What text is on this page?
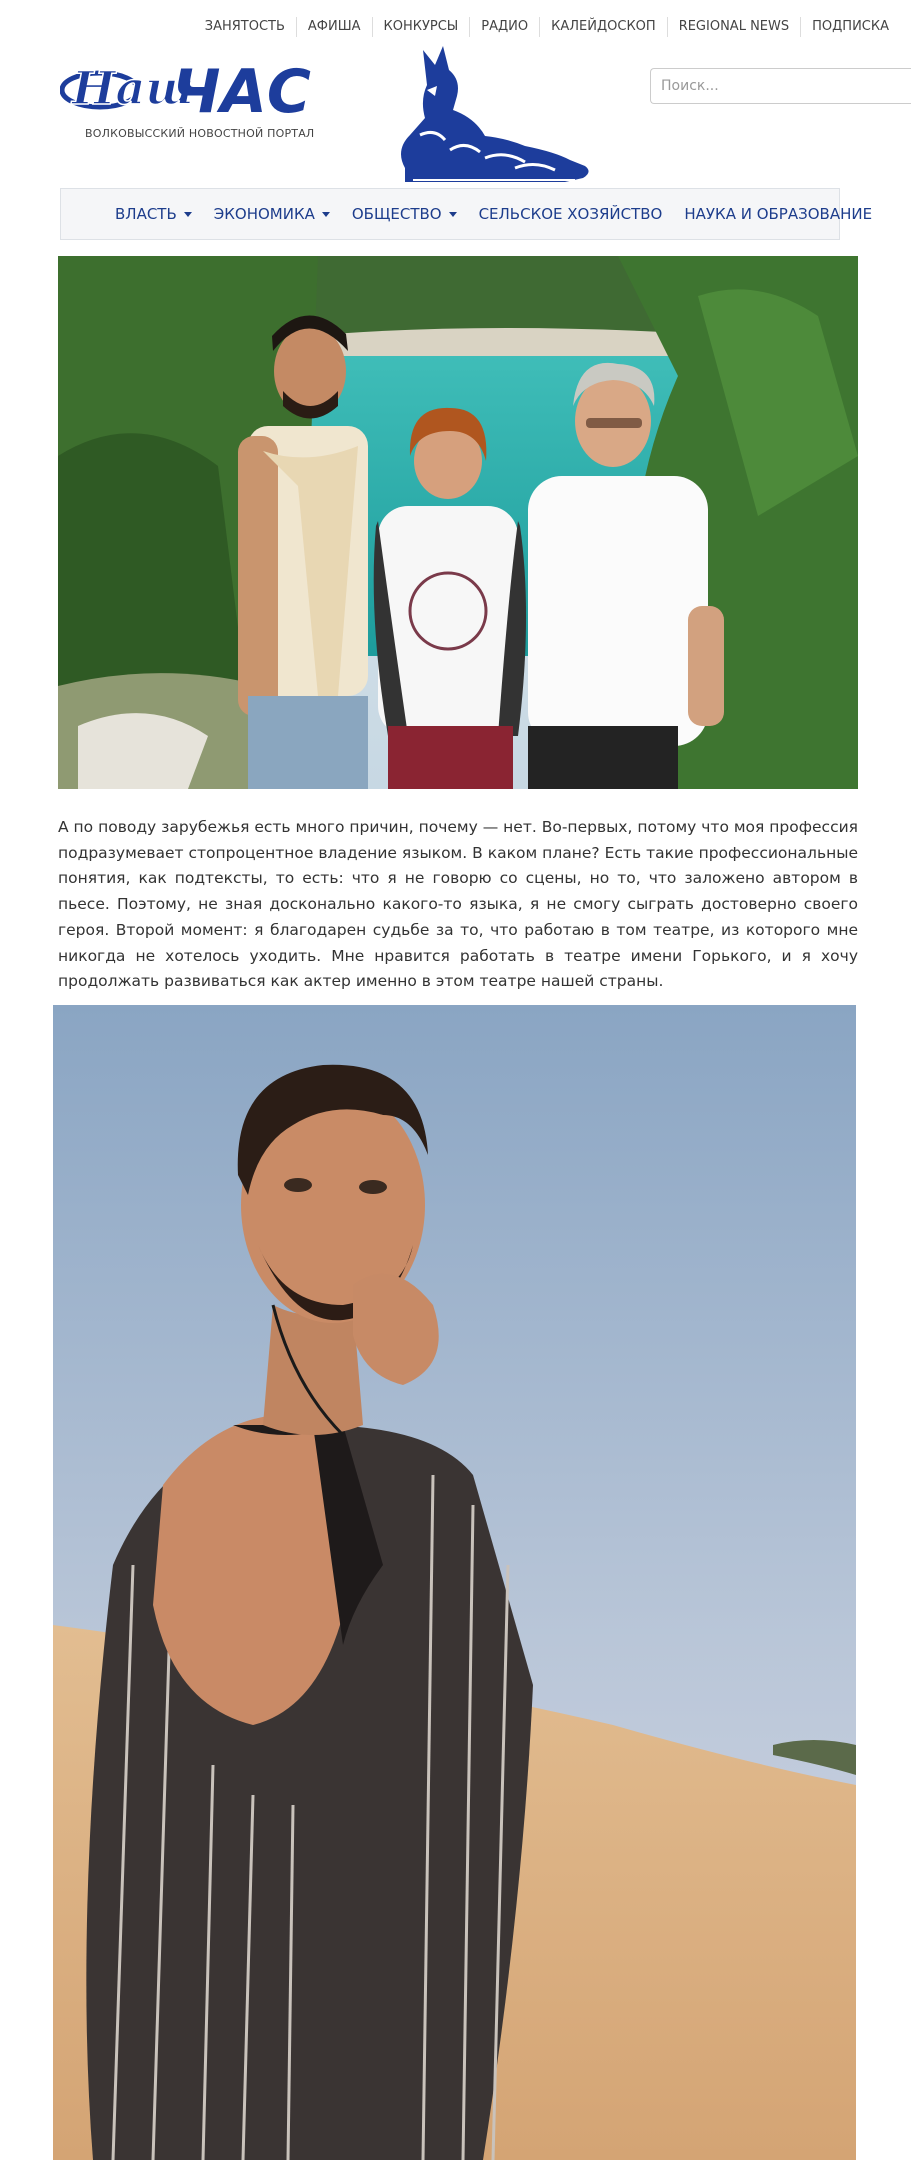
ЗАНЯТОСТЬ	АФИША	КОНКУРСЫ	РАДИО	КАЛЕЙДОСКОП	REGIONAL NEWS	ПОДПИСКА
Наш
ЧАС
ВОЛКОВЫССКИЙ НОВОСТНОЙ ПОРТАЛ
Поиск...
ВЛАСТЬ ЭКОНОМИКА ОБЩЕСТВО СЕЛЬСКОЕ ХОЗЯЙСТВО НАУКА И ОБРАЗОВАНИЕ

А по поводу зарубежья есть много причин, почему — нет. Во-первых, потому что моя профессия подразумевает стопроцентное владение языком. В каком плане? Есть такие профессиональные понятия, как подтексты, то есть: что я не говорю со сцены, но то, что заложено автором в пьесе. Поэтому, не зная досконально какого-то языка, я не смогу сыграть достоверно своего героя. Второй момент: я благодарен судьбе за то, что работаю в том театре, из которого мне никогда не хотелось уходить. Мне нравится работать в театре имени Горького, и я хочу продолжать развиваться как актер именно в этом театре нашей страны.
